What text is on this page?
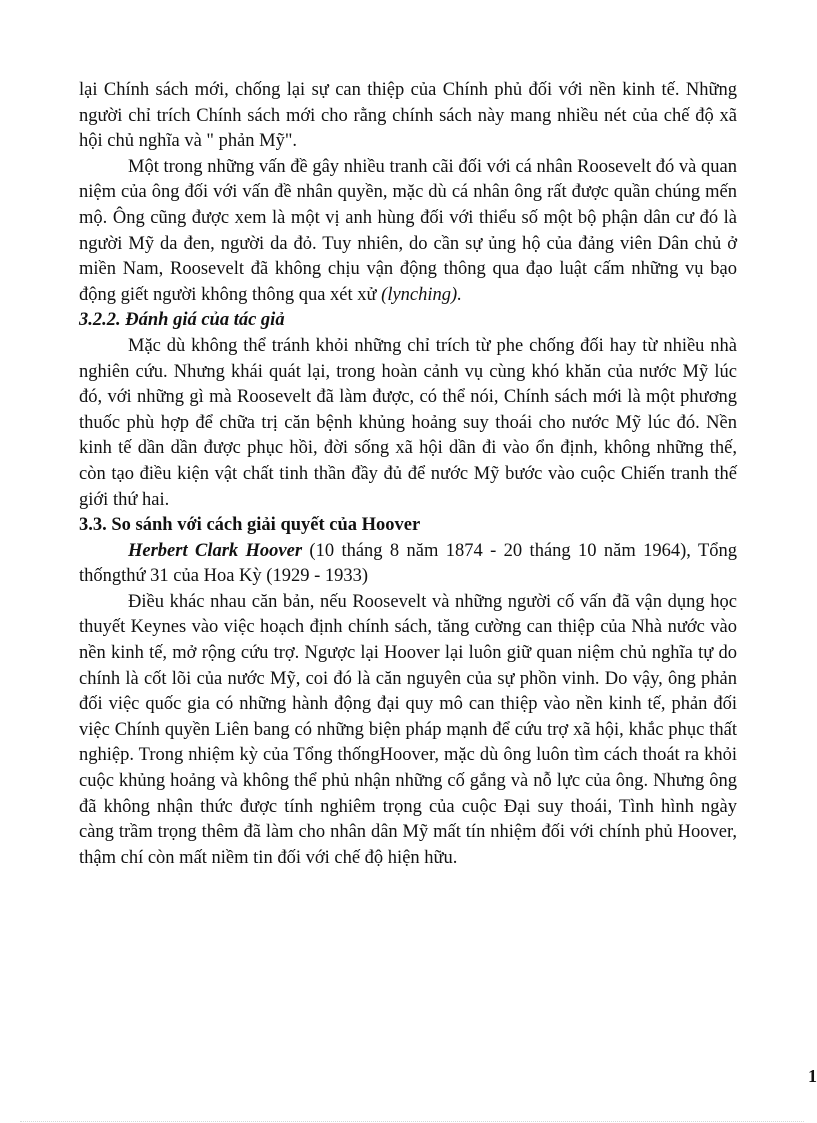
lại Chính sách mới, chống lại sự can thiệp của Chính phủ đối với nền kinh tế. Những người chỉ trích Chính sách mới cho rằng chính sách này mang nhiều nét của chế độ xã hội chủ nghĩa và " phản Mỹ".

Một trong những vấn đề gây nhiều tranh cãi đối với cá nhân Roosevelt đó và quan niệm của ông đối với vấn đề nhân quyền, mặc dù cá nhân ông rất được quần chúng mến mộ. Ông cũng được xem là một vị anh hùng đối với thiểu số một bộ phận dân cư đó là người Mỹ da đen, người da đỏ. Tuy nhiên, do cần sự ủng hộ của đảng viên Dân chủ ở miền Nam, Roosevelt đã không chịu vận động thông qua đạo luật cấm những vụ bạo động giết người không thông qua xét xử (lynching).

3.2.2. Đánh giá của tác giả

Mặc dù không thể tránh khỏi những chỉ trích từ phe chống đối hay từ nhiều nhà nghiên cứu. Nhưng khái quát lại, trong hoàn cảnh vụ cùng khó khăn của nước Mỹ lúc đó, với những gì mà Roosevelt đã làm được, có thể nói, Chính sách mới là một phương thuốc phù hợp để chữa trị căn bệnh khủng hoảng suy thoái cho nước Mỹ lúc đó. Nền kinh tế dần dần được phục hồi, đời sống xã hội dần đi vào ổn định, không những thế, còn tạo điều kiện vật chất tinh thần đầy đủ để nước Mỹ bước vào cuộc Chiến tranh thế giới thứ hai.

3.3. So sánh với cách giải quyết của Hoover

Herbert Clark Hoover (10 tháng 8 năm 1874 - 20 tháng 10 năm 1964), Tổng thốngthứ 31 của Hoa Kỳ (1929 - 1933)

Điều khác nhau căn bản, nếu Roosevelt và những người cố vấn đã vận dụng học thuyết Keynes vào việc hoạch định chính sách, tăng cường can thiệp của Nhà nước vào nền kinh tế, mở rộng cứu trợ. Ngược lại Hoover lại luôn giữ quan niệm chủ nghĩa tự do chính là cốt lõi của nước Mỹ, coi đó là căn nguyên của sự phồn vinh. Do vậy, ông phản đối việc quốc gia có những hành động đại quy mô can thiệp vào nền kinh tế, phản đối việc Chính quyền Liên bang có những biện pháp mạnh để cứu trợ xã hội, khắc phục thất nghiệp. Trong nhiệm kỳ của Tổng thốngHoover, mặc dù ông luôn tìm cách thoát ra khỏi cuộc khủng hoảng và không thể phủ nhận những cố gắng và nỗ lực của ông. Nhưng ông đã không nhận thức được tính nghiêm trọng của cuộc Đại suy thoái, Tình hình ngày càng trầm trọng thêm đã làm cho nhân dân Mỹ mất tín nhiệm đối với chính phủ Hoover, thậm chí còn mất niềm tin đối với chế độ hiện hữu.

1
